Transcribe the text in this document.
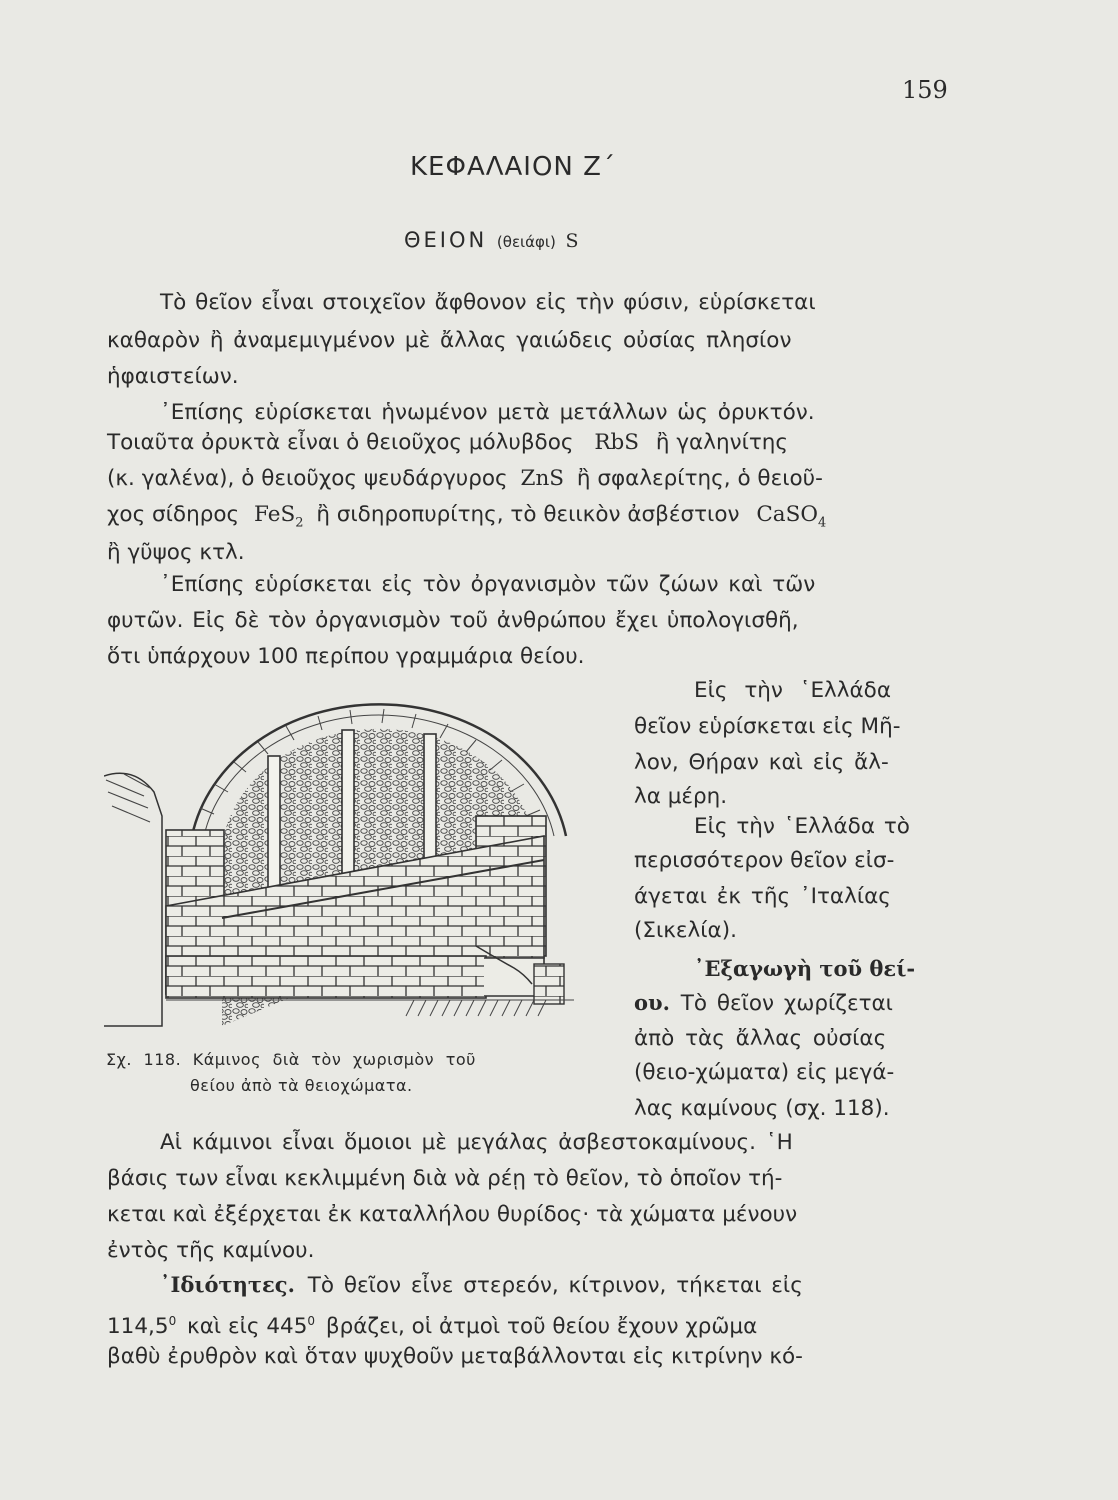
159
ΚΕΦΑΛΑΙΟΝ Ζ΄
ΘΕΙΟΝ (θειάφι) S
Τὸ θεῖον εἶναι στοιχεῖον ἄφθονον εἰς τὴν φύσιν, εὑρίσκεται
καθαρὸν ἢ ἀναμεμιγμένον μὲ ἄλλας γαιώδεις οὐσίας πλησίον
ἡφαιστείων.
᾿Επίσης εὑρίσκεται ἡνωμένον μετὰ μετάλλων ὡς ὀρυκτόν.
Τοιαῦτα ὀρυκτὰ εἶναι ὁ θειοῦχος μόλυβδος RbS ἢ γαληνίτης
(κ. γαλένα), ὁ θειοῦχος ψευδάργυρος ZnS ἢ σφαλερίτης, ὁ θειοῦ-
χος σίδηρος FeS$_2$ ἢ σιδηροπυρίτης, τὸ θειικὸν ἀσβέστιον CaSO$_4$
ἢ γῦψος κτλ.
᾿Επίσης εὑρίσκεται εἰς τὸν ὀργανισμὸν τῶν ζώων καὶ τῶν
φυτῶν. Εἰς δὲ τὸν ὀργανισμὸν τοῦ ἀνθρώπου ἔχει ὑπολογισθῆ,
ὅτι ὑπάρχουν 100 περίπου γραμμάρια θείου.
Εἰς τὴν ῾Ελλάδα
θεῖον εὑρίσκεται εἰς Μῆ-
λον, Θήραν καὶ εἰς ἄλ-
λα μέρη.
Εἰς τὴν ῾Ελλάδα τὸ
περισσότερον θεῖον εἰσ-
άγεται ἐκ τῆς ᾿Ιταλίας
(Σικελία).
᾿Εξαγωγὴ τοῦ θεί-
ου. Τὸ θεῖον χωρίζεται
ἀπὸ τὰς ἄλλας οὐσίας
(θειο-χώματα) εἰς μεγά-
λας καμίνους (σχ. 118).
Σχ. 118. Κάμινος διὰ τὸν χωρισμὸν τοῦ
θείου ἀπὸ τὰ θειοχώματα.
Αἱ κάμινοι εἶναι ὅμοιοι μὲ μεγάλας ἀσβεστοκαμίνους. ῾Η
βάσις των εἶναι κεκλιμμένη διὰ νὰ ρέῃ τὸ θεῖον, τὸ ὁποῖον τή-
κεται καὶ ἐξέρχεται ἐκ καταλλήλου θυρίδος· τὰ χώματα μένουν
ἐντὸς τῆς καμίνου.
᾿Ιδιότητες. Τὸ θεῖον εἶνε στερεόν, κίτρινον, τήκεται εἰς
114,5$^0$ καὶ εἰς $445^0$ βράζει, οἱ ἀτμοὶ τοῦ θείου ἔχουν χρῶμα
βαθὺ ἐρυθρὸν καὶ ὅταν ψυχθοῦν μεταβάλλονται εἰς κιτρίνην κό-
